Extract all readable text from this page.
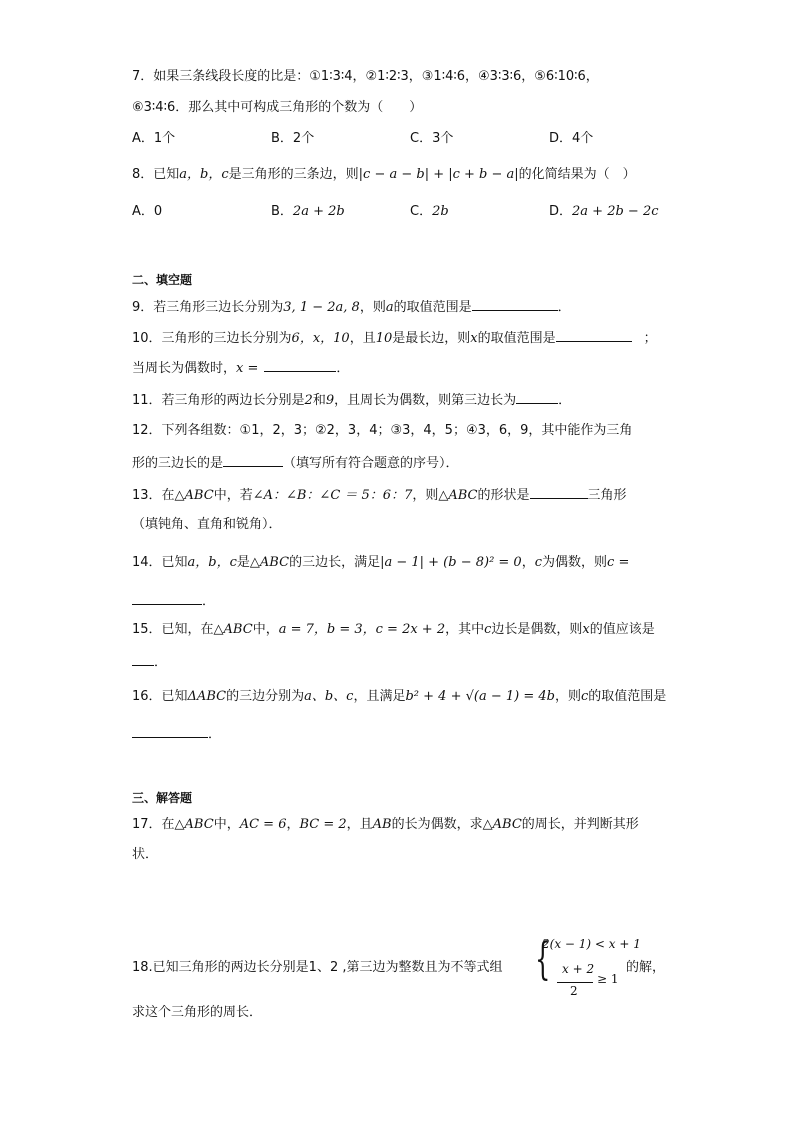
7．如果三条线段长度的比是：①1∶3∶4，②1∶2∶3，③1∶4∶6，④3∶3∶6，⑤6∶10∶6，
⑥3∶4∶6．那么其中可构成三角形的个数为（　　）
A．1个	B．2个	C．3个	D．4个
8．已知a，b，c是三角形的三条边，则|c − a − b| + |c + b − a|的化简结果为（　）
A．0	B．2a + 2b	C．2b	D．2a + 2b − 2c
二、填空题
9．若三角形三边长分别为3, 1 − 2a, 8，则a的取值范围是	．
10．三角形的三边长分别为6，x，10，且10是最长边，则x的取值范围是	；
当周长为偶数时，x =	．
11．若三角形的两边长分别是2和9，且周长为偶数，则第三边长为	．
12．下列各组数：①1，2，3；②2，3，4；③3，4，5；④3，6，9，其中能作为三角
形的三边长的是	（填写所有符合题意的序号）．
13．在△ABC中，若∠A：∠B：∠C ＝ 5：6：7，则△ABC的形状是	三角形
（填钝角、直角和锐角）．
14．已知a，b，c是△ABC的三边长，满足|a − 1| + (b − 8)² = 0，c为偶数，则c =
．
15．已知，在△ABC中，a = 7，b = 3，c = 2x + 2，其中c边长是偶数，则x的值应该是
．
16．已知ΔABC的三边分别为a、b、c，且满足b² + 4 + √(a − 1) = 4b，则c的取值范围是
．
三、解答题
17．在△ABC中，AC = 6，BC = 2，且AB的长为偶数，求△ABC的周长，并判断其形
状．
18.已知三角形的两边长分别是1、2 ,第三边为整数且为不等式组 {
2(x − 1) < x + 1
x + 2
2
≥ 1
的解，
求这个三角形的周长．
